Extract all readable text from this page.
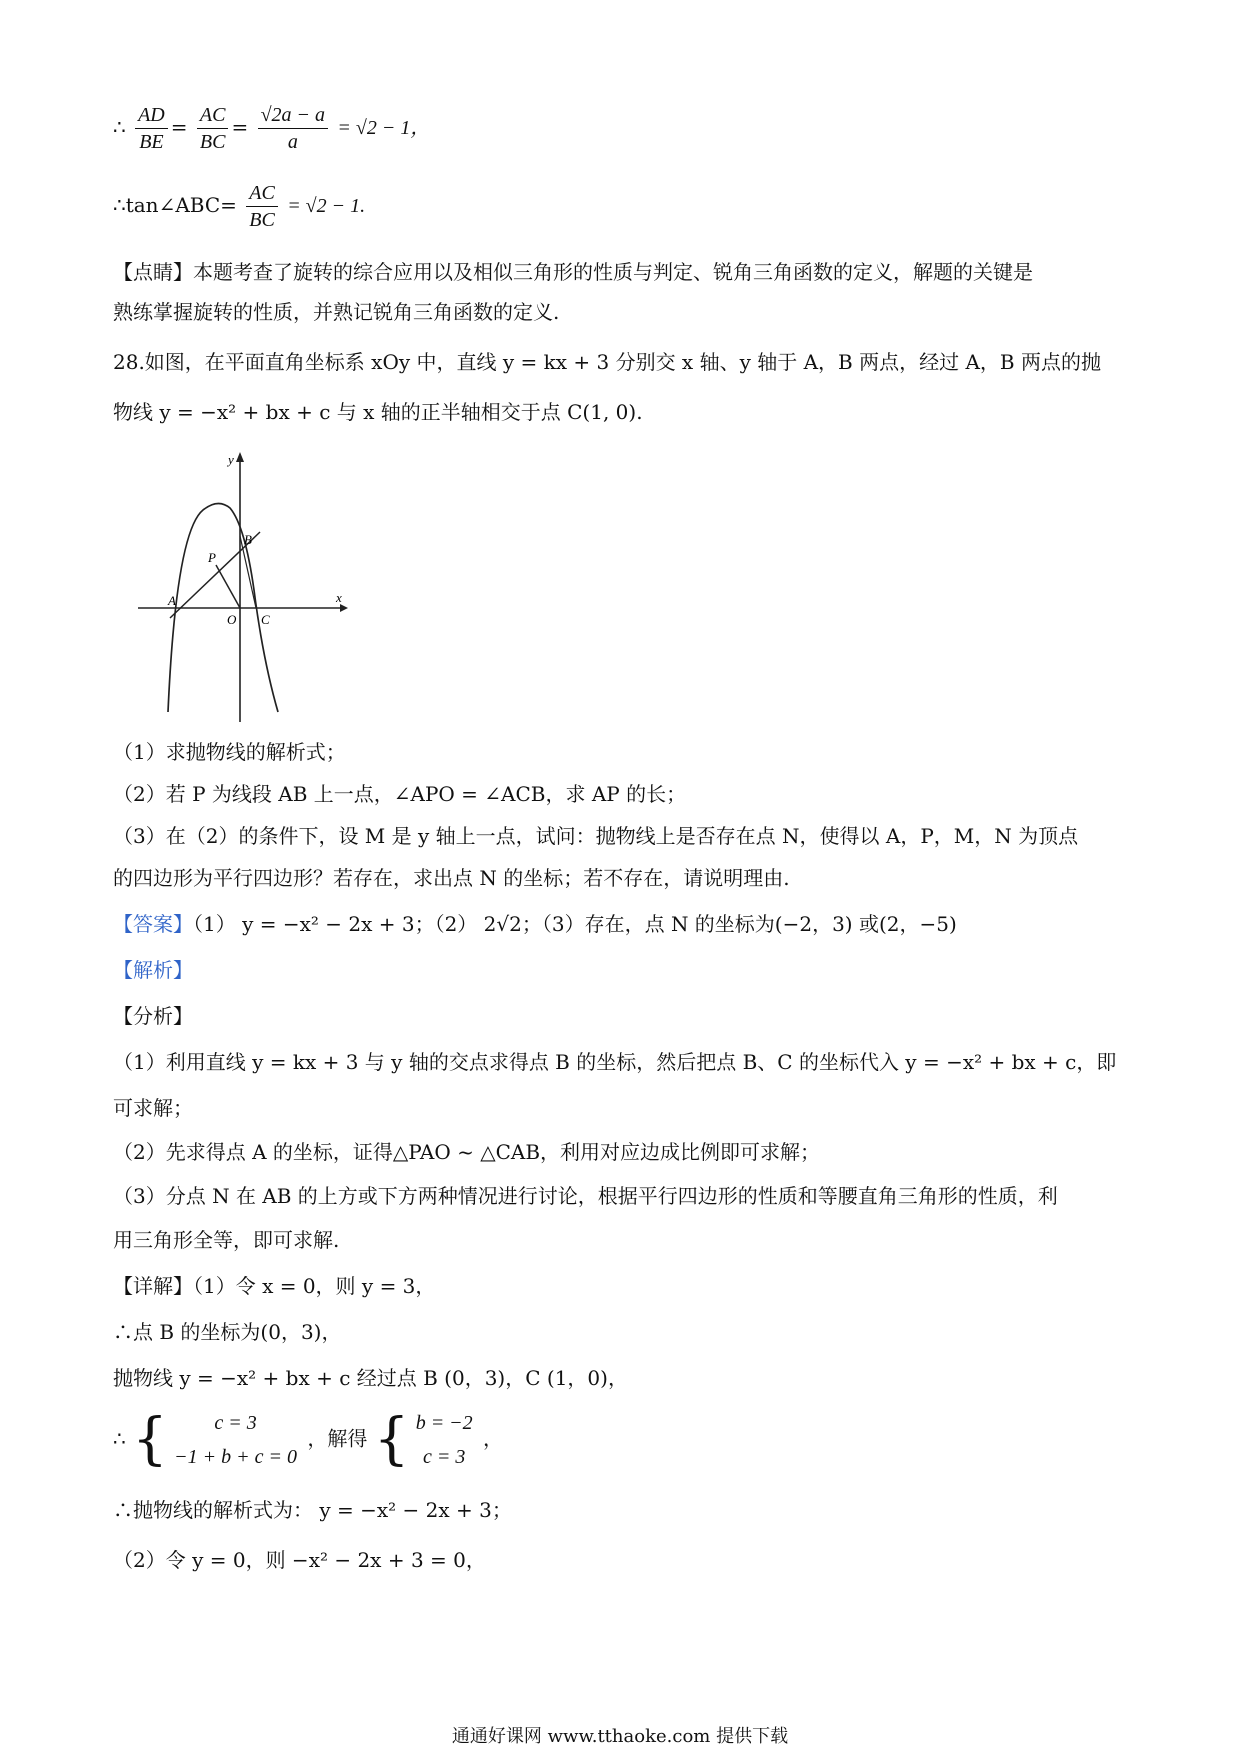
∴ $\frac{AD}{BE} = \frac{AC}{BC} = \frac{√2a - a}{a} = √2 - 1$，
∴tan∠ABC= $\frac{AC}{BC} = √2 - 1$.
【点睛】本题考查了旋转的综合应用以及相似三角形的性质与判定、锐角三角函数的定义，解题的关键是
熟练掌握旋转的性质，并熟记锐角三角函数的定义.
28.如图，在平面直角坐标系 xOy 中，直线 y = kx + 3 分别交 x 轴、y 轴于 A，B 两点，经过 A，B 两点的抛
物线 y = −x² + bx + c 与 x 轴的正半轴相交于点 C(1, 0).
y
x
O
A
B
C
P
（1）求抛物线的解析式；
（2）若 P 为线段 AB 上一点，∠APO = ∠ACB，求 AP 的长；
（3）在（2）的条件下，设 M 是 y 轴上一点，试问：抛物线上是否存在点 N，使得以 A，P，M，N 为顶点
的四边形为平行四边形？若存在，求出点 N 的坐标；若不存在，请说明理由.
【答案】（1） y = −x² − 2x + 3；（2） 2√2；（3）存在，点 N 的坐标为(−2，3) 或(2，−5)
【解析】
【分析】
（1）利用直线 y = kx + 3 与 y 轴的交点求得点 B 的坐标，然后把点 B、C 的坐标代入 y = −x² + bx + c，即
可求解；
（2）先求得点 A 的坐标，证得△PAO ~ △CAB，利用对应边成比例即可求解；
（3）分点 N 在 AB 的上方或下方两种情况进行讨论，根据平行四边形的性质和等腰直角三角形的性质，利
用三角形全等，即可求解.
【详解】（1）令 x = 0，则 y = 3，
∴点 B 的坐标为(0，3)，
抛物线 y = −x² + bx + c 经过点 B (0，3)，C (1，0)，
∴ {	c = 3
−1 + b + c = 0
，解得 { b = −2
c = 3
，
∴抛物线的解析式为： y = −x² − 2x + 3；
（2）令 y = 0，则 −x² − 2x + 3 = 0，
通通好课网 www.tthaoke.com 提供下载
